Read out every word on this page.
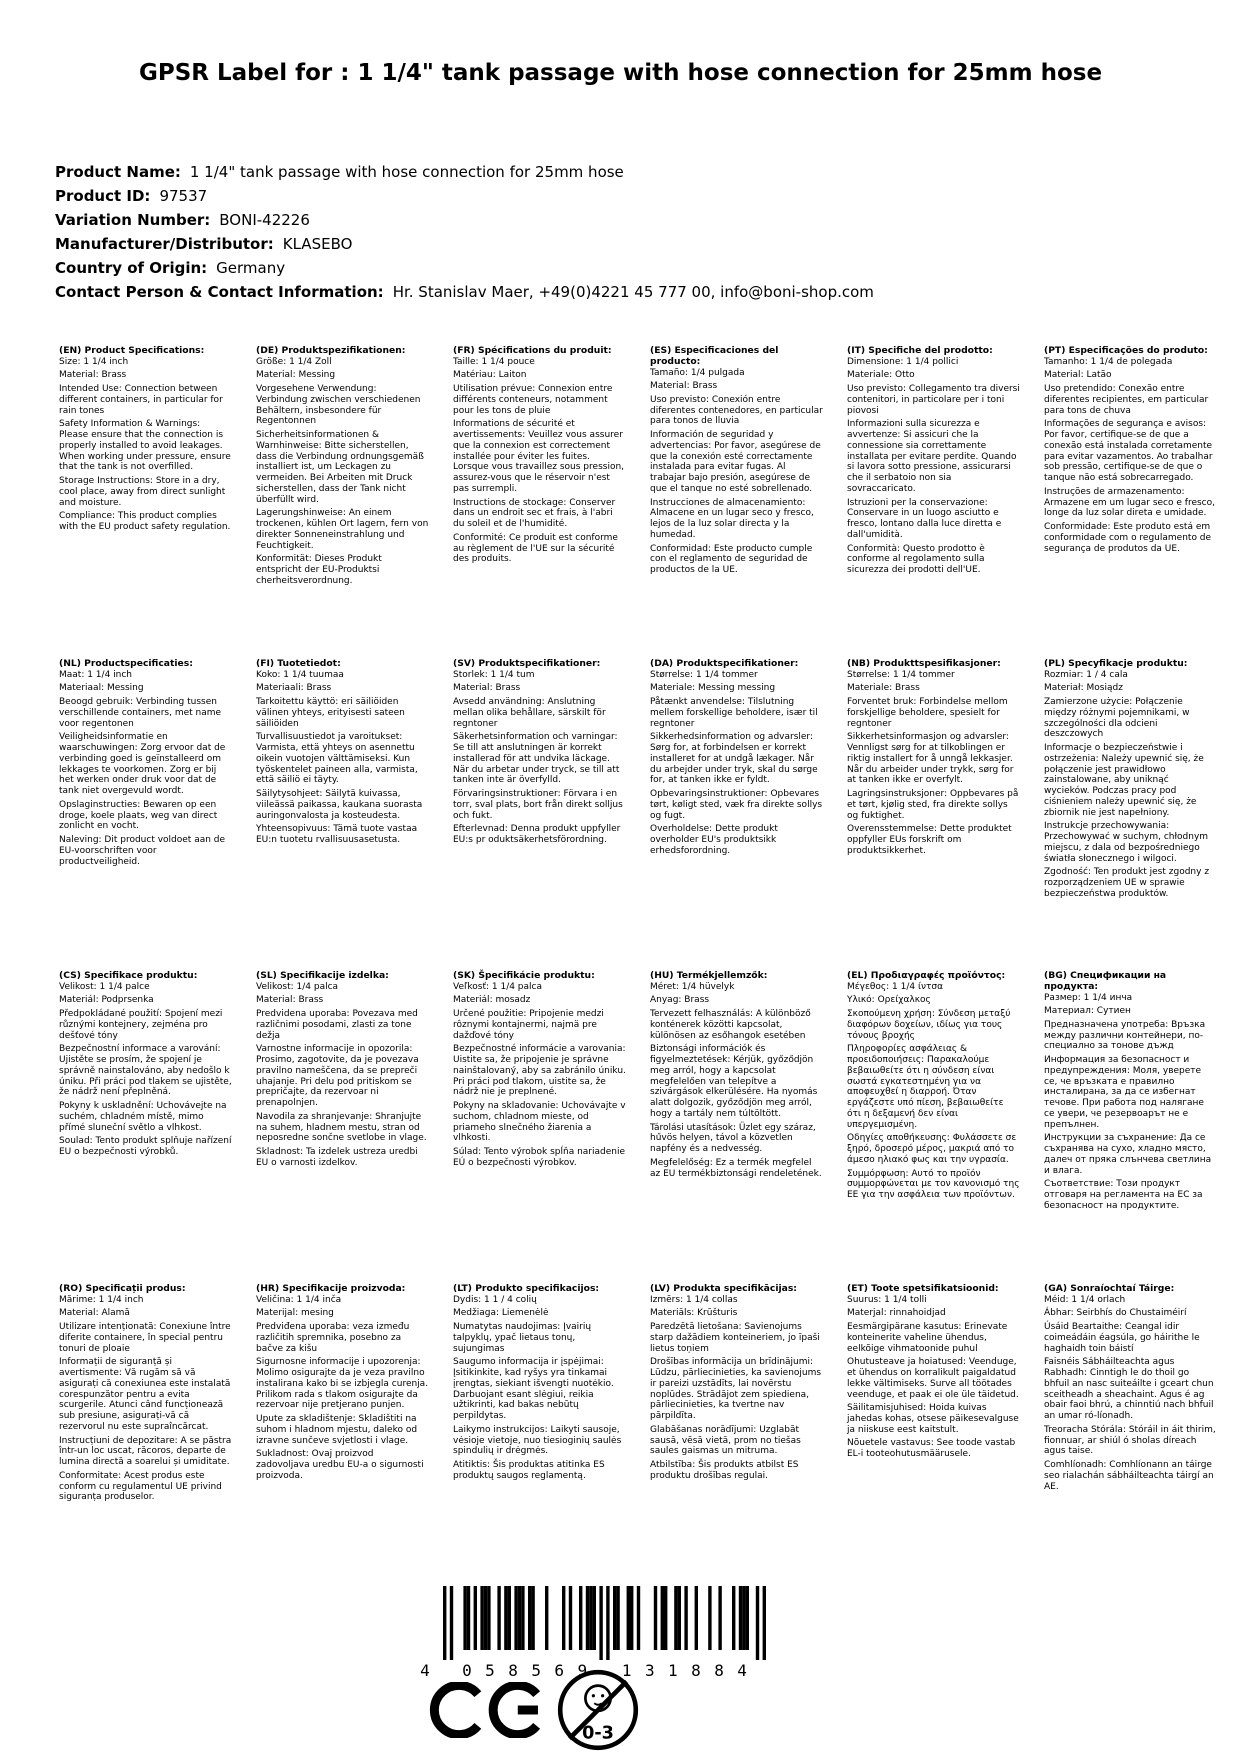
GPSR Label for : 1 1/4" tank passage with hose connection for 25mm hose
Product Name: 1 1/4" tank passage with hose connection for 25mm hose
Product ID: 97537
Variation Number: BONI-42226
Manufacturer/Distributor: KLASEBO
Country of Origin: Germany
Contact Person & Contact Information: Hr. Stanislav Maer, +49(0)4221 45 777 00, info@boni-shop.com
(EN) Product Specifications:

Size: 1 1/4 inch

Material: Brass

Intended Use: Connection between different containers, in particular for rain tones

Safety Information & Warnings: Please ensure that the connection is properly installed to avoid leakages. When working under pressure, ensure that the tank is not overfilled.

Storage Instructions: Store in a dry, cool place, away from direct sunlight and moisture.

Compliance: This product complies with the EU product safety regulation.

(DE) Produktspezifikationen:

Größe: 1 1/4 Zoll

Material: Messing

Vorgesehene Verwendung: Verbindung zwischen verschiedenen Behältern, insbesondere für Regentonnen

Sicherheitsinformationen & Warnhinweise: Bitte sicherstellen, dass die Verbindung ordnungsgemäß installiert ist, um Leckagen zu vermeiden. Bei Arbeiten mit Druck sicherstellen, dass der Tank nicht überfüllt wird.

Lagerungshinweise: An einem trockenen, kühlen Ort lagern, fern von direkter Sonneneinstrahlung und Feuchtigkeit.

Konformität: Dieses Produkt entspricht der EU-Produktsi cherheitsverordnung.

(FR) Spécifications du produit:

Taille: 1 1/4 pouce

Matériau: Laiton

Utilisation prévue: Connexion entre différents conteneurs, notamment pour les tons de pluie

Informations de sécurité et avertissements: Veuillez vous assurer que la connexion est correctement installée pour éviter les fuites. Lorsque vous travaillez sous pression, assurez-vous que le réservoir n'est pas surrempli.

Instructions de stockage: Conserver dans un endroit sec et frais, à l'abri du soleil et de l'humidité.

Conformité: Ce produit est conforme au règlement de l'UE sur la sécurité des produits.

(ES) Especificaciones del producto:

Tamaño: 1/4 pulgada

Material: Brass

Uso previsto: Conexión entre diferentes contenedores, en particular para tonos de lluvia

Información de seguridad y advertencias: Por favor, asegúrese de que la conexión esté correctamente instalada para evitar fugas. Al trabajar bajo presión, asegúrese de que el tanque no esté sobrellenado.

Instrucciones de almacenamiento: Almacene en un lugar seco y fresco, lejos de la luz solar directa y la humedad.

Conformidad: Este producto cumple con el reglamento de seguridad de productos de la UE.

(IT) Specifiche del prodotto:

Dimensione: 1 1/4 pollici

Materiale: Otto

Uso previsto: Collegamento tra diversi contenitori, in particolare per i toni piovosi

Informazioni sulla sicurezza e avvertenze: Si assicuri che la connessione sia correttamente installata per evitare perdite. Quando si lavora sotto pressione, assicurarsi che il serbatoio non sia sovraccaricato.

Istruzioni per la conservazione: Conservare in un luogo asciutto e fresco, lontano dalla luce diretta e dall'umidità.

Conformità: Questo prodotto è conforme al regolamento sulla sicurezza dei prodotti dell'UE.

(PT) Especificações do produto:

Tamanho: 1 1/4 de polegada

Material: Latão

Uso pretendido: Conexão entre diferentes recipientes, em particular para tons de chuva

Informações de segurança e avisos: Por favor, certifique-se de que a conexão está instalada corretamente para evitar vazamentos. Ao trabalhar sob pressão, certifique-se de que o tanque não está sobrecarregado.

Instruções de armazenamento: Armazene em um lugar seco e fresco, longe da luz solar direta e umidade.

Conformidade: Este produto está em conformidade com o regulamento de segurança de produtos da UE.

(NL) Productspecificaties:

Maat: 1 1/4 inch

Materiaal: Messing

Beoogd gebruik: Verbinding tussen verschillende containers, met name voor regentonen

Veiligheidsinformatie en waarschuwingen: Zorg ervoor dat de verbinding goed is geïnstalleerd om lekkages te voorkomen. Zorg er bij het werken onder druk voor dat de tank niet overgevuld wordt.

Opslaginstructies: Bewaren op een droge, koele plaats, weg van direct zonlicht en vocht.

Naleving: Dit product voldoet aan de EU-voorschriften voor productveiligheid.

(FI) Tuotetiedot:

Koko: 1 1/4 tuumaa

Materiaali: Brass

Tarkoitettu käyttö: eri säiliöiden välinen yhteys, erityisesti sateen säiliöiden

Turvallisuustiedot ja varoitukset: Varmista, että yhteys on asennettu oikein vuotojen välttämiseksi. Kun työskentelet paineen alla, varmista, että säiliö ei täyty.

Säilytysohjeet: Säilytä kuivassa, viileässä paikassa, kaukana suorasta auringonvalosta ja kosteudesta.

Yhteensopivuus: Tämä tuote vastaa EU:n tuotetu rvallisuusasetusta.

(SV) Produktspecifikationer:

Storlek: 1 1/4 tum

Material: Brass

Avsedd användning: Anslutning mellan olika behållare, särskilt för regntoner

Säkerhetsinformation och varningar: Se till att anslutningen är korrekt installerad för att undvika läckage. När du arbetar under tryck, se till att tanken inte är överfylld.

Förvaringsinstruktioner: Förvara i en torr, sval plats, bort från direkt solljus och fukt.

Efterlevnad: Denna produkt uppfyller EU:s pr oduktsäkerhetsförordning.

(DA) Produktspecifikationer:

Størrelse: 1 1/4 tommer

Materiale: Messing messing

Påtænkt anvendelse: Tilslutning mellem forskellige beholdere, især til regntoner

Sikkerhedsinformation og advarsler: Sørg for, at forbindelsen er korrekt installeret for at undgå lækager. Når du arbejder under tryk, skal du sørge for, at tanken ikke er fyldt.

Opbevaringsinstruktioner: Opbevares tørt, køligt sted, væk fra direkte sollys og fugt.

Overholdelse: Dette produkt overholder EU's produktsikk erhedsforordning.

(NB) Produkttspesifikasjoner:

Størrelse: 1 1/4 tommer

Materiale: Brass

Forventet bruk: Forbindelse mellom forskjellige beholdere, spesielt for regntoner

Sikkerhetsinformasjon og advarsler: Vennligst sørg for at tilkoblingen er riktig installert for å unngå lekkasjer. Når du arbeider under trykk, sørg for at tanken ikke er overfylt.

Lagringsinstruksjoner: Oppbevares på et tørt, kjølig sted, fra direkte sollys og fuktighet.

Overensstemmelse: Dette produktet oppfyller EUs forskrift om produktsikkerhet.

(PL) Specyfikacje produktu:

Rozmiar: 1 / 4 cala

Materiał: Mosiądz

Zamierzone użycie: Połączenie między różnymi pojemnikami, w szczególności dla odcieni deszczowych

Informacje o bezpieczeństwie i ostrzeżenia: Należy upewnić się, że połączenie jest prawidłowo zainstalowane, aby uniknąć wycieków. Podczas pracy pod ciśnieniem należy upewnić się, że zbiornik nie jest napełniony.

Instrukcje przechowywania: Przechowywać w suchym, chłodnym miejscu, z dala od bezpośredniego światła słonecznego i wilgoci.

Zgodność: Ten produkt jest zgodny z rozporządzeniem UE w sprawie bezpieczeństwa produktów.

(CS) Specifikace produktu:

Velikost: 1 1/4 palce

Materiál: Podprsenka

Předpokládané použití: Spojení mezi různými kontejnery, zejména pro dešťové tóny

Bezpečnostní informace a varování: Ujistěte se prosím, že spojení je správně nainstalováno, aby nedošlo k úniku. Při práci pod tlakem se ujistěte, že nádrž není přeplněná.

Pokyny k uskladnění: Uchovávejte na suchém, chladném místě, mimo přímé sluneční světlo a vlhkost.

Soulad: Tento produkt splňuje nařízení EU o bezpečnosti výrobků.

(SL) Specifikacije izdelka:

Velikost: 1/4 palca

Material: Brass

Predvidena uporaba: Povezava med različnimi posodami, zlasti za tone dežja

Varnostne informacije in opozorila: Prosimo, zagotovite, da je povezava pravilno nameščena, da se prepreči uhajanje. Pri delu pod pritiskom se prepričajte, da rezervoar ni prenapolnjen.

Navodila za shranjevanje: Shranjujte na suhem, hladnem mestu, stran od neposredne sončne svetlobe in vlage.

Skladnost: Ta izdelek ustreza uredbi EU o varnosti izdelkov.

(SK) Špecifikácie produktu:

Veľkosť: 1 1/4 palca

Materiál: mosadz

Určené použitie: Pripojenie medzi rôznymi kontajnermi, najmä pre dažďové tóny

Bezpečnostné informácie a varovania: Uistite sa, že pripojenie je správne nainštalovaný, aby sa zabránilo úniku. Pri práci pod tlakom, uistite sa, že nádrž nie je preplnené.

Pokyny na skladovanie: Uchovávajte v suchom, chladnom mieste, od priameho slnečného žiarenia a vlhkosti.

Súlad: Tento výrobok spĺňa nariadenie EÚ o bezpečnosti výrobkov.

(HU) Termékjellemzők:

Méret: 1/4 hüvelyk

Anyag: Brass

Tervezett felhasználás: A különböző konténerek közötti kapcsolat, különösen az esőhangok esetében

Biztonsági információk és figyelmeztetések: Kérjük, győződjön meg arról, hogy a kapcsolat megfelelően van telepítve a szivárgások elkerülésére. Ha nyomás alatt dolgozik, győződjön meg arról, hogy a tartály nem túltöltött.

Tárolási utasítások: Üzlet egy száraz, hűvös helyen, távol a közvetlen napfény és a nedvesség.

Megfelelőség: Ez a termék megfelel az EU termékbiztonsági rendeletének.

(EL) Προδιαγραφές προϊόντος:

Μέγεθος: 1 1/4 ίντσα

Υλικό: Ορείχαλκος

Σκοπούμενη χρήση: Σύνδεση μεταξύ διαφόρων δοχείων, ιδίως για τους τόνους βροχής

Πληροφορίες ασφάλειας & προειδοποιήσεις: Παρακαλούμε βεβαιωθείτε ότι η σύνδεση είναι σωστά εγκατεστημένη για να αποφευχθεί η διαρροή. Όταν εργάζεστε υπό πίεση, βεβαιωθείτε ότι η δεξαμενή δεν είναι υπεργεμισμένη.

Οδηγίες αποθήκευσης: Φυλάσσετε σε ξηρό, δροσερό μέρος, μακριά από το άμεσο ηλιακό φως και την υγρασία.

Συμμόρφωση: Αυτό το προϊόν συμμορφώνεται με τον κανονισμό της ΕΕ για την ασφάλεια των προϊόντων.

(BG) Спецификации на продукта:

Размер: 1 1/4 инча

Материал: Сутиен

Предназначена употреба: Връзка между различни контейнери, по-специално за тонове дъжд

Информация за безопасност и предупреждения: Моля, уверете се, че връзката е правилно инсталирана, за да се избегнат течове. При работа под налягане се увери, че резервоарът не е препълнен.

Инструкции за съхранение: Да се съхранява на сухо, хладно място, далеч от пряка слънчева светлина и влага.

Съответствие: Този продукт отговаря на регламента на ЕС за безопасност на продуктите.

(RO) Specificații produs:

Mărime: 1 1/4 inch

Material: Alamă

Utilizare intenționată: Conexiune între diferite containere, în special pentru tonuri de ploaie

Informații de siguranță și avertismente: Vă rugăm să vă asigurați că conexiunea este instalată corespunzător pentru a evita scurgerile. Atunci când funcționează sub presiune, asigurați-vă că rezervorul nu este supraîncărcat.

Instrucțiuni de depozitare: A se păstra într-un loc uscat, răcoros, departe de lumina directă a soarelui și umiditate.

Conformitate: Acest produs este conform cu regulamentul UE privind siguranța produselor.

(HR) Specifikacije proizvoda:

Veličina: 1 1/4 inča

Materijal: mesing

Predviđena uporaba: veza između različitih spremnika, posebno za bačve za kišu

Sigurnosne informacije i upozorenja: Molimo osigurajte da je veza pravilno instalirana kako bi se izbjegla curenja. Prilikom rada s tlakom osigurajte da rezervoar nije pretjerano punjen.

Upute za skladištenje: Skladištiti na suhom i hladnom mjestu, daleko od izravne sunčeve svjetlosti i vlage.

Sukladnost: Ovaj proizvod zadovoljava uredbu EU-a o sigurnosti proizvoda.

(LT) Produkto specifikacijos:

Dydis: 1 1 / 4 colių

Medžiaga: Liemenėlė

Numatytas naudojimas: Įvairių talpyklų, ypač lietaus tonų, sujungimas

Saugumo informacija ir įspėjimai: Įsitikinkite, kad ryšys yra tinkamai įrengtas, siekiant išvengti nuotėkio. Darbuojant esant slėgiui, reikia užtikrinti, kad bakas nebūtų perpildytas.

Laikymo instrukcijos: Laikyti sausoje, vėsioje vietoje, nuo tiesioginių saulės spindulių ir drėgmės.

Atitiktis: Šis produktas atitinka ES produktų saugos reglamentą.

(LV) Produkta specifikācijas:

Izmērs: 1 1/4 collas

Materiāls: Krūšturis

Paredzētā lietošana: Savienojums starp dažādiem konteineriem, jo īpaši lietus toņiem

Drošības informācija un brīdinājumi: Lūdzu, pārliecinieties, ka savienojums ir pareizi uzstādīts, lai novērstu noplūdes. Strādājot zem spiediena, pārliecinieties, ka tvertne nav pārpildīta.

Glabāšanas norādījumi: Uzglabāt sausā, vēsā vietā, prom no tiešas saules gaismas un mitruma.

Atbilstība: Šis produkts atbilst ES produktu drošības regulai.

(ET) Toote spetsifikatsioonid:

Suurus: 1 1/4 tolli

Materjal: rinnahoidjad

Eesmärgipärane kasutus: Erinevate konteinerite vaheline ühendus, eelkõige vihmatoonide puhul

Ohutusteave ja hoiatused: Veenduge, et ühendus on korralikult paigaldatud lekke vältimiseks. Surve all töötades veenduge, et paak ei ole üle täidetud.

Säilitamisjuhised: Hoida kuivas jahedas kohas, otsese päikesevalguse ja niiskuse eest kaitstult.

Nõuetele vastavus: See toode vastab EL-i tooteohutusmäärusele.

(GA) Sonraíochtaí Táirge:

Méid: 1 1/4 orlach

Ábhar: Seirbhís do Chustaiméirí

Úsáid Beartaithe: Ceangal idir coimeádáin éagsúla, go háirithe le haghaidh toin báistí

Faisnéis Sábháilteachta agus Rabhadh: Cinntigh le do thoil go bhfuil an nasc suiteáilte i gceart chun sceitheadh a sheachaint. Agus é ag obair faoi bhrú, a chinntiú nach bhfuil an umar ró-líonadh.

Treoracha Stórála: Stóráil in áit thirim, fionnuar, ar shiúl ó sholas díreach agus taise.

Comhlíonadh: Comhlíonann an táirge seo rialachán sábháilteachta táirgí an AE.

4 058569 131884
0-3
